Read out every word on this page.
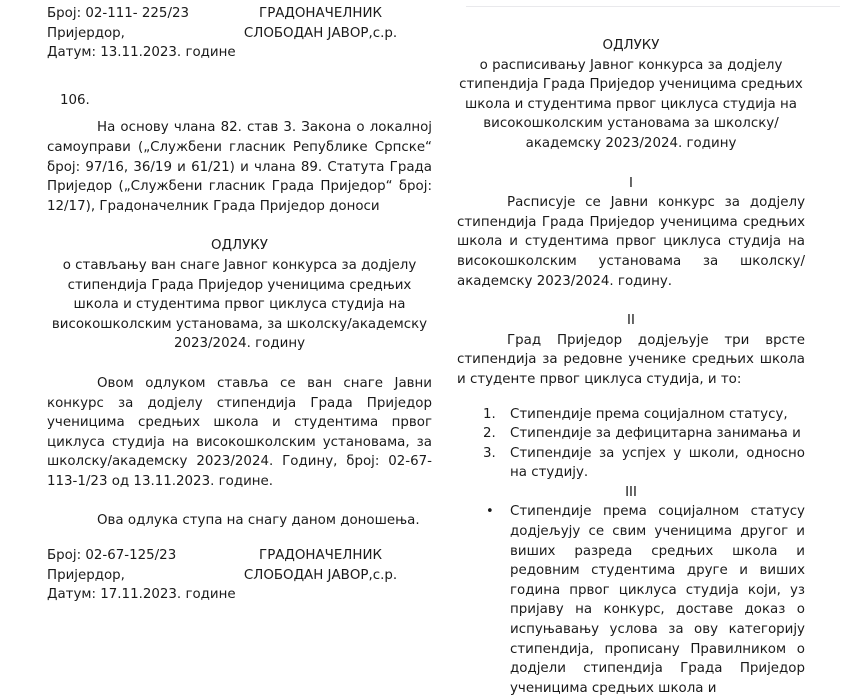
Број: 02-111- 225/23
Пријердор,
Датум: 13.11.2023. године
ГРАДОНАЧЕЛНИК
СЛОБОДАН ЈАВОР,с.р.

106.

На основу члана 82. став 3. Закона о локалној самоуправи („Службени гласник Републике Српске“ број: 97/16, 36/19 и 61/21) и члана 89. Статута Града Приједор („Службени гласник Града Приједор“ број: 12/17), Градоначелник Града Приједор доноси

ОДЛУКУ

о стављању ван снаге Јавног конкурса за додјелу стипендија Града Приједор ученицима средњих школа и студентима првог циклуса студија на високошколским установама, за школску/академску 2023/2024. годину

Овом одлуком ставља се ван снаге Јавни конкурс за додјелу стипендија Града Приједор ученицима средњих школа и студентима првог циклуса студија на високошколским установама, за школску/академску 2023/2024. Годину, број: 02-67-113-1/23 од 13.11.2023. године.

Ова одлука ступа на снагу даном доношења.

Број: 02-67-125/23
Пријердор,
Датум: 17.11.2023. године
ГРАДОНАЧЕЛНИК
СЛОБОДАН ЈАВОР,с.р.

ОДЛУКУ

о расписивању Јавног конкурса за додјелу стипендија Града Приједор ученицима средњих школа и студентима првог циклуса студија на високошколским установама за школску/академску 2023/2024. годину

I

Расписује се Јавни конкурс за додјелу стипендија Града Приједор ученицима средњих школа и студентима првог циклуса студија на високошколским установама за школску/академску 2023/2024. годину.

II

Град Приједор додјељује три врсте стипендија за редовне ученике средњих школа и студенте првог циклуса студија, и то:

1. Стипендије према социјалном статусу,
2. Стипендије за дефицитарна занимања и
3. Стипендије за успјех у школи, односно на студију.

III

• Стипендије према социјалном статусу додјељују се свим ученицима другог и виших разреда средњих школа и редовним студентима друге и виших година првог циклуса студија који, уз пријаву на конкурс, доставе доказ о испуњавању услова за ову категорију стипендија, прописану Правилником о додјели стипендија Града Приједор ученицима средњих школа и
